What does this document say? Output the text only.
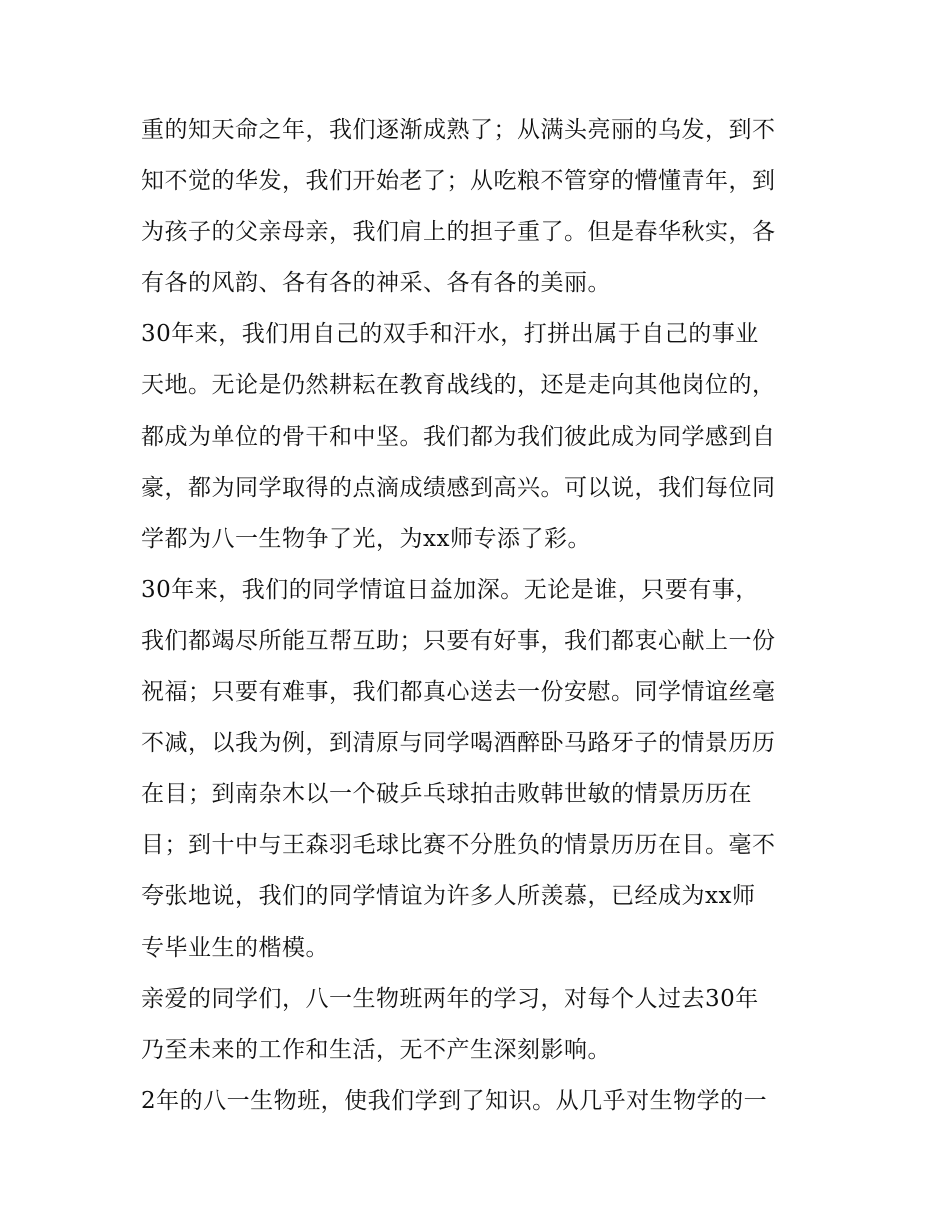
重的知天命之年，我们逐渐成熟了；从满头亮丽的乌发，到不
知不觉的华发，我们开始老了；从吃粮不管穿的懵懂青年，到
为孩子的父亲母亲，我们肩上的担子重了。但是春华秋实，各
有各的风韵、各有各的神采、各有各的美丽。
30年来，我们用自己的双手和汗水，打拼出属于自己的事业
天地。无论是仍然耕耘在教育战线的，还是走向其他岗位的，
都成为单位的骨干和中坚。我们都为我们彼此成为同学感到自
豪，都为同学取得的点滴成绩感到高兴。可以说，我们每位同
学都为八一生物争了光，为xx师专添了彩。
30年来，我们的同学情谊日益加深。无论是谁，只要有事，
我们都竭尽所能互帮互助；只要有好事，我们都衷心献上一份
祝福；只要有难事，我们都真心送去一份安慰。同学情谊丝毫
不减，以我为例，到清原与同学喝酒醉卧马路牙子的情景历历
在目；到南杂木以一个破乒乓球拍击败韩世敏的情景历历在
目；到十中与王森羽毛球比赛不分胜负的情景历历在目。毫不
夸张地说，我们的同学情谊为许多人所羡慕，已经成为xx师
专毕业生的楷模。
亲爱的同学们，八一生物班两年的学习，对每个人过去30年
乃至未来的工作和生活，无不产生深刻影响。
2年的八一生物班，使我们学到了知识。从几乎对生物学的一
